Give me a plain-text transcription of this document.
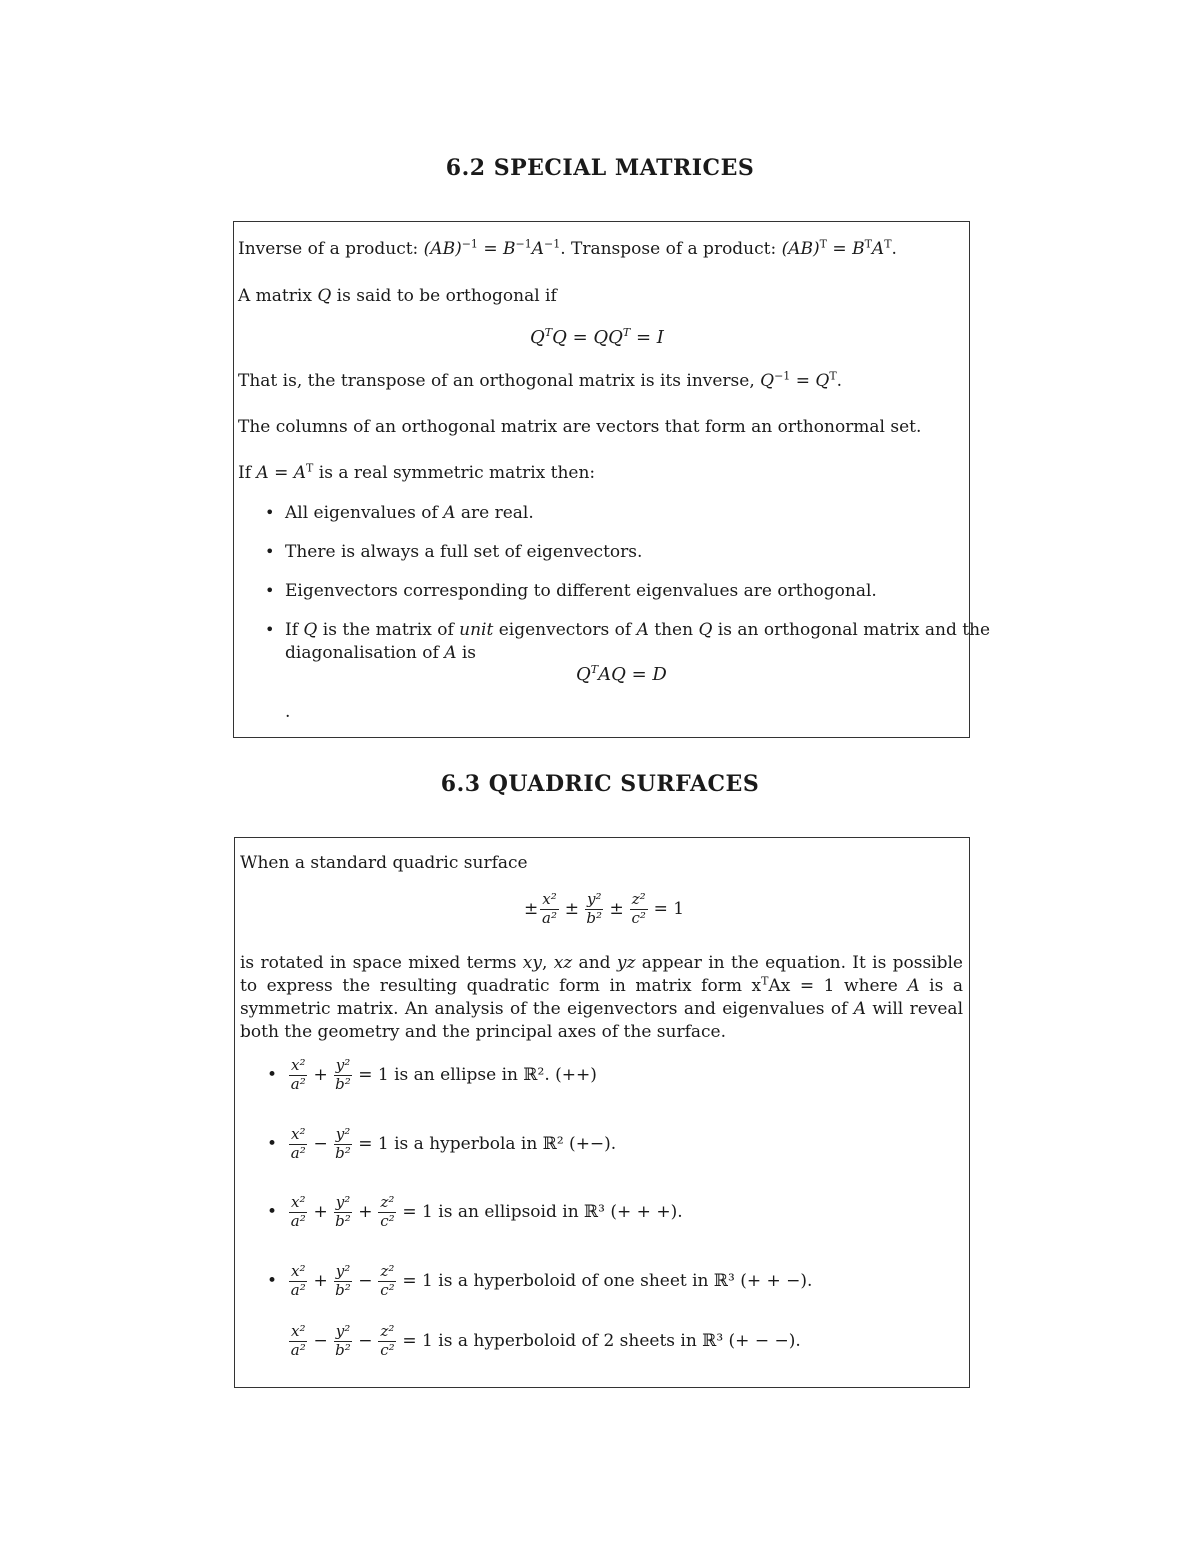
6.2 SPECIAL MATRICES
Inverse of a product: $(AB)^{-1} = B^{-1}A^{-1}$. Transpose of a product: $(AB)^T = B^TA^T$.
A matrix Q is said to be orthogonal if
$Q^TQ = QQ^T = I$
That is, the transpose of an orthogonal matrix is its inverse, $Q^{-1} = Q^T$.
The columns of an orthogonal matrix are vectors that form an orthonormal set.
If $A = A^T$ is a real symmetric matrix then:
• All eigenvalues of A are real.
• There is always a full set of eigenvectors.
• Eigenvectors corresponding to different eigenvalues are orthogonal.
• If Q is the matrix of unit eigenvectors of A then Q is an orthogonal matrix and the
diagonalisation of A is
$Q^TAQ = D$
.
6.3 QUADRIC SURFACES
When a standard quadric surface
± $\frac{\text{x²}}{\text{a²}} \pm \frac{\text{y²}}{\text{b²}} \pm \frac{\text{z²}}{\text{c²}} = 1$
is rotated in space mixed terms xy, xz and yz appear in the equation. It is possible to express the resulting quadratic form in matrix form $x^TAx = 1$ where A is a symmetric matrix. An analysis of the eigenvectors and eigenvalues of A will reveal both the geometry and the principal axes of the surface.
• $\frac{\text{x²}}{\text{a²}} + \frac{\text{y²}}{\text{b²}} = 1$ is an ellipse in ℝ². (++)
• $\frac{\text{x²}}{\text{a²}} - \frac{\text{y²}}{\text{b²}} = 1$ is a hyperbola in ℝ² (+−).
• $\frac{\text{x²}}{\text{a²}} + \frac{\text{y²}}{\text{b²}} + \frac{\text{z²}}{\text{c²}} = 1$ is an ellipsoid in ℝ³ (+ + +).
• $\frac{\text{x²}}{\text{a²}} + \frac{\text{y²}}{\text{b²}} - \frac{\text{z²}}{\text{c²}} = 1$ is a hyperboloid of one sheet in ℝ³ (+ + −).
$\frac{\text{x²}}{\text{a²}} - \frac{\text{y²}}{\text{b²}} - \frac{\text{z²}}{\text{c²}} = 1$ is a hyperboloid of 2 sheets in ℝ³ (+ − −).
